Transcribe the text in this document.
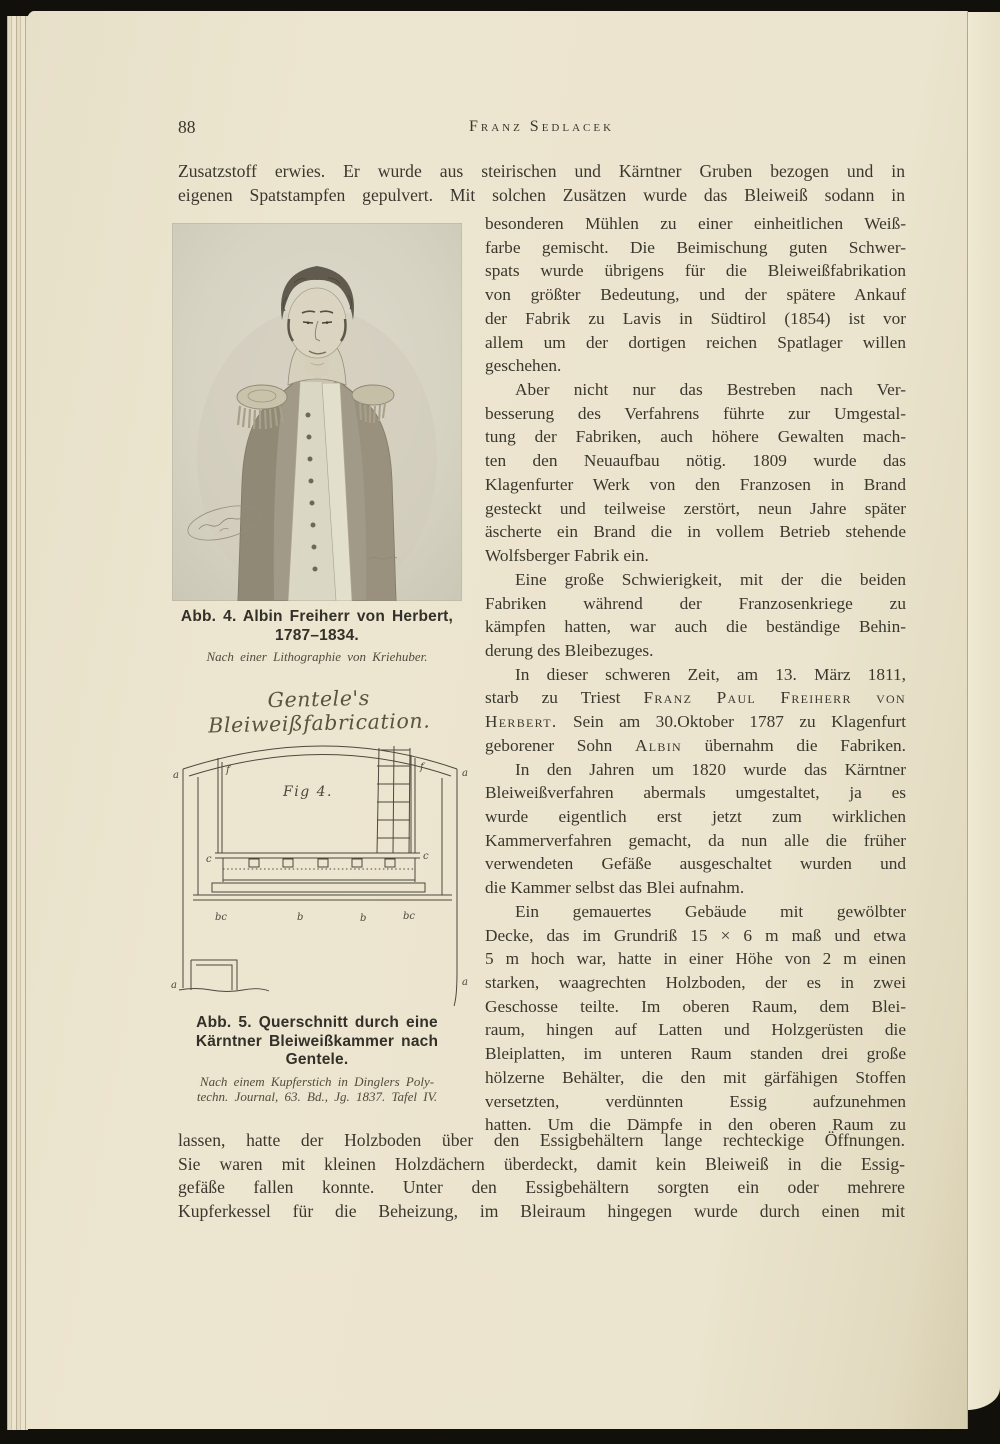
88	Franz Sedlacek
Zusatzstoff erwies. Er wurde aus steirischen und Kärntner Gruben bezogen und in
eigenen Spatstampfen gepulvert. Mit solchen Zusätzen wurde das Bleiweiß sodann in
Abb. 4. Albin Freiherr von Herbert,
1787–1834.
Nach einer Lithographie von Kriehuber.
Gentele's Bleiweißfabrication.
a	a
a	a
f	f
c	c
bc	b	b	bc
Fig 4.
Abb. 5. Querschnitt durch eine
Kärntner Bleiweißkammer nach
Gentele.
Nach einem Kupferstich in Dinglers Poly-
techn. Journal, 63. Bd., Jg. 1837. Tafel IV.
besonderen Mühlen zu einer einheitlichen Weiß-
farbe gemischt. Die Beimischung guten Schwer-
spats wurde übrigens für die Bleiweißfabrikation
von größter Bedeutung, und der spätere Ankauf
der Fabrik zu Lavis in Südtirol (1854) ist vor
allem um der dortigen reichen Spatlager willen
geschehen.
Aber nicht nur das Bestreben nach Ver-
besserung des Verfahrens führte zur Umgestal-
tung der Fabriken, auch höhere Gewalten mach-
ten den Neuaufbau nötig. 1809 wurde das
Klagenfurter Werk von den Franzosen in Brand
gesteckt und teilweise zerstört, neun Jahre später
äscherte ein Brand die in vollem Betrieb stehende
Wolfsberger Fabrik ein.
Eine große Schwierigkeit, mit der die beiden
Fabriken während der Franzosenkriege zu
kämpfen hatten, war auch die beständige Behin-
derung des Bleibezuges.
In dieser schweren Zeit, am 13. März 1811,
starb zu Triest Franz Paul Freiherr von
Herbert. Sein am 30.Oktober 1787 zu Klagenfurt
geborener Sohn Albin übernahm die Fabriken.
In den Jahren um 1820 wurde das Kärntner
Bleiweißverfahren abermals umgestaltet, ja es
wurde eigentlich erst jetzt zum wirklichen
Kammerverfahren gemacht, da nun alle die früher
verwendeten Gefäße ausgeschaltet wurden und
die Kammer selbst das Blei aufnahm.
Ein gemauertes Gebäude mit gewölbter
Decke, das im Grundriß 15 × 6 m maß und etwa
5 m hoch war, hatte in einer Höhe von 2 m einen
starken, waagrechten Holzboden, der es in zwei
Geschosse teilte. Im oberen Raum, dem Blei-
raum, hingen auf Latten und Holzgerüsten die
Bleiplatten, im unteren Raum standen drei große
hölzerne Behälter, die den mit gärfähigen Stoffen
versetzten, verdünnten Essig aufzunehmen
hatten. Um die Dämpfe in den oberen Raum zu
lassen, hatte der Holzboden über den Essigbehältern lange rechteckige Öffnungen.
Sie waren mit kleinen Holzdächern überdeckt, damit kein Bleiweiß in die Essig-
gefäße fallen konnte. Unter den Essigbehältern sorgten ein oder mehrere
Kupferkessel für die Beheizung, im Bleiraum hingegen wurde durch einen mit
